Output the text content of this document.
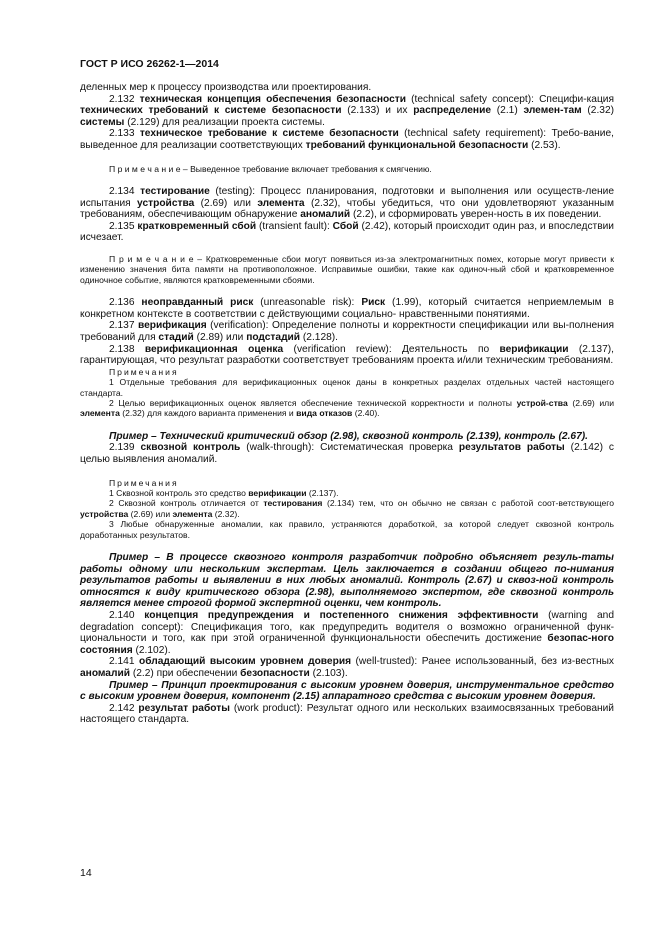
ГОСТ Р ИСО 26262-1—2014

деленных мер к процессу производства или проектирования.

2.132 техническая концепция обеспечения безопасности (technical safety concept): Специфи-кация технических требований к системе безопасности (2.133) и их распределение (2.1) элемен-там (2.32) системы (2.129) для реализации проекта системы.

2.133 техническое требование к системе безопасности (technical safety requirement): Требо-вание, выведенное для реализации соответствующих требований функциональной безопасности (2.53).

П р и м е ч а н и е – Выведенное требование включает требования к смягчению.

2.134 тестирование (testing): Процесс планирования, подготовки и выполнения или осуществ-ление испытания устройства (2.69) или элемента (2.32), чтобы убедиться, что они удовлетворяют указанным требованиям, обеспечивающим обнаружение аномалий (2.2), и сформировать уверен-ность в их поведении.

2.135 кратковременный сбой (transient fault): Сбой (2.42), который происходит один раз, и впоследствии исчезает.

П р и м е ч а н и е – Кратковременные сбои могут появиться из-за электромагнитных помех, которые могут привести к изменению значения бита памяти на противоположное. Исправимые ошибки, такие как одиноч-ный сбой и кратковременное одиночное событие, являются кратковременными сбоями.

2.136 неоправданный риск (unreasonable risk): Риск (1.99), который считается неприемлемым в конкретном контексте в соответствии с действующими социально- нравственными понятиями.

2.137 верификация (verification): Определение полноты и корректности спецификации или вы-полнения требований для стадий (2.89) или подстадий (2.128).

2.138 верификационная оценка (verification review): Деятельность по верификации (2.137), гарантирующая, что результат разработки соответствует требованиям проекта и/или техническим требованиям.

Примечания

1 Отдельные требования для верификационных оценок даны в конкретных разделах отдельных частей настоящего стандарта.

2 Целью верификационных оценок является обеспечение технической корректности и полноты устрой-ства (2.69) или элемента (2.32) для каждого варианта применения и вида отказов (2.40).

Пример – Технический критический обзор (2.98), сквозной контроль (2.139), контроль (2.67).

2.139 сквозной контроль (walk-through): Систематическая проверка результатов работы (2.142) с целью выявления аномалий.

Примечания

1 Сквозной контроль это средство верификации (2.137).

2 Сквозной контроль отличается от тестирования (2.134) тем, что он обычно не связан с работой соот-ветствующего устройства (2.69) или элемента (2.32).

3 Любые обнаруженные аномалии, как правило, устраняются доработкой, за которой следует сквозной контроль доработанных результатов.

Пример – В процессе сквозного контроля разработчик подробно объясняет резуль-таты работы одному или нескольким экспертам. Цель заключается в создании общего по-нимания результатов работы и выявлении в них любых аномалий. Контроль (2.67) и сквоз-ной контроль относятся к виду критического обзора (2.98), выполняемого экспертом, где сквозной контроль является менее строгой формой экспертной оценки, чем контроль.

2.140 концепция предупреждения и постепенного снижения эффективности (warning and degradation concept): Спецификация того, как предупредить водителя о возможно ограниченной функ-циональности и того, как при этой ограниченной функциональности обеспечить достижение безопас-ного состояния (2.102).

2.141 обладающий высоким уровнем доверия (well-trusted): Ранее использованный, без из-вестных аномалий (2.2) при обеспечении безопасности (2.103).

Пример – Принцип проектирования с высоким уровнем доверия, инструментальное средство с высоким уровнем доверия, компонент (2.15) аппаратного средства с высоким уровнем доверия.

2.142 результат работы (work product): Результат одного или нескольких взаимосвязанных требований настоящего стандарта.

14
